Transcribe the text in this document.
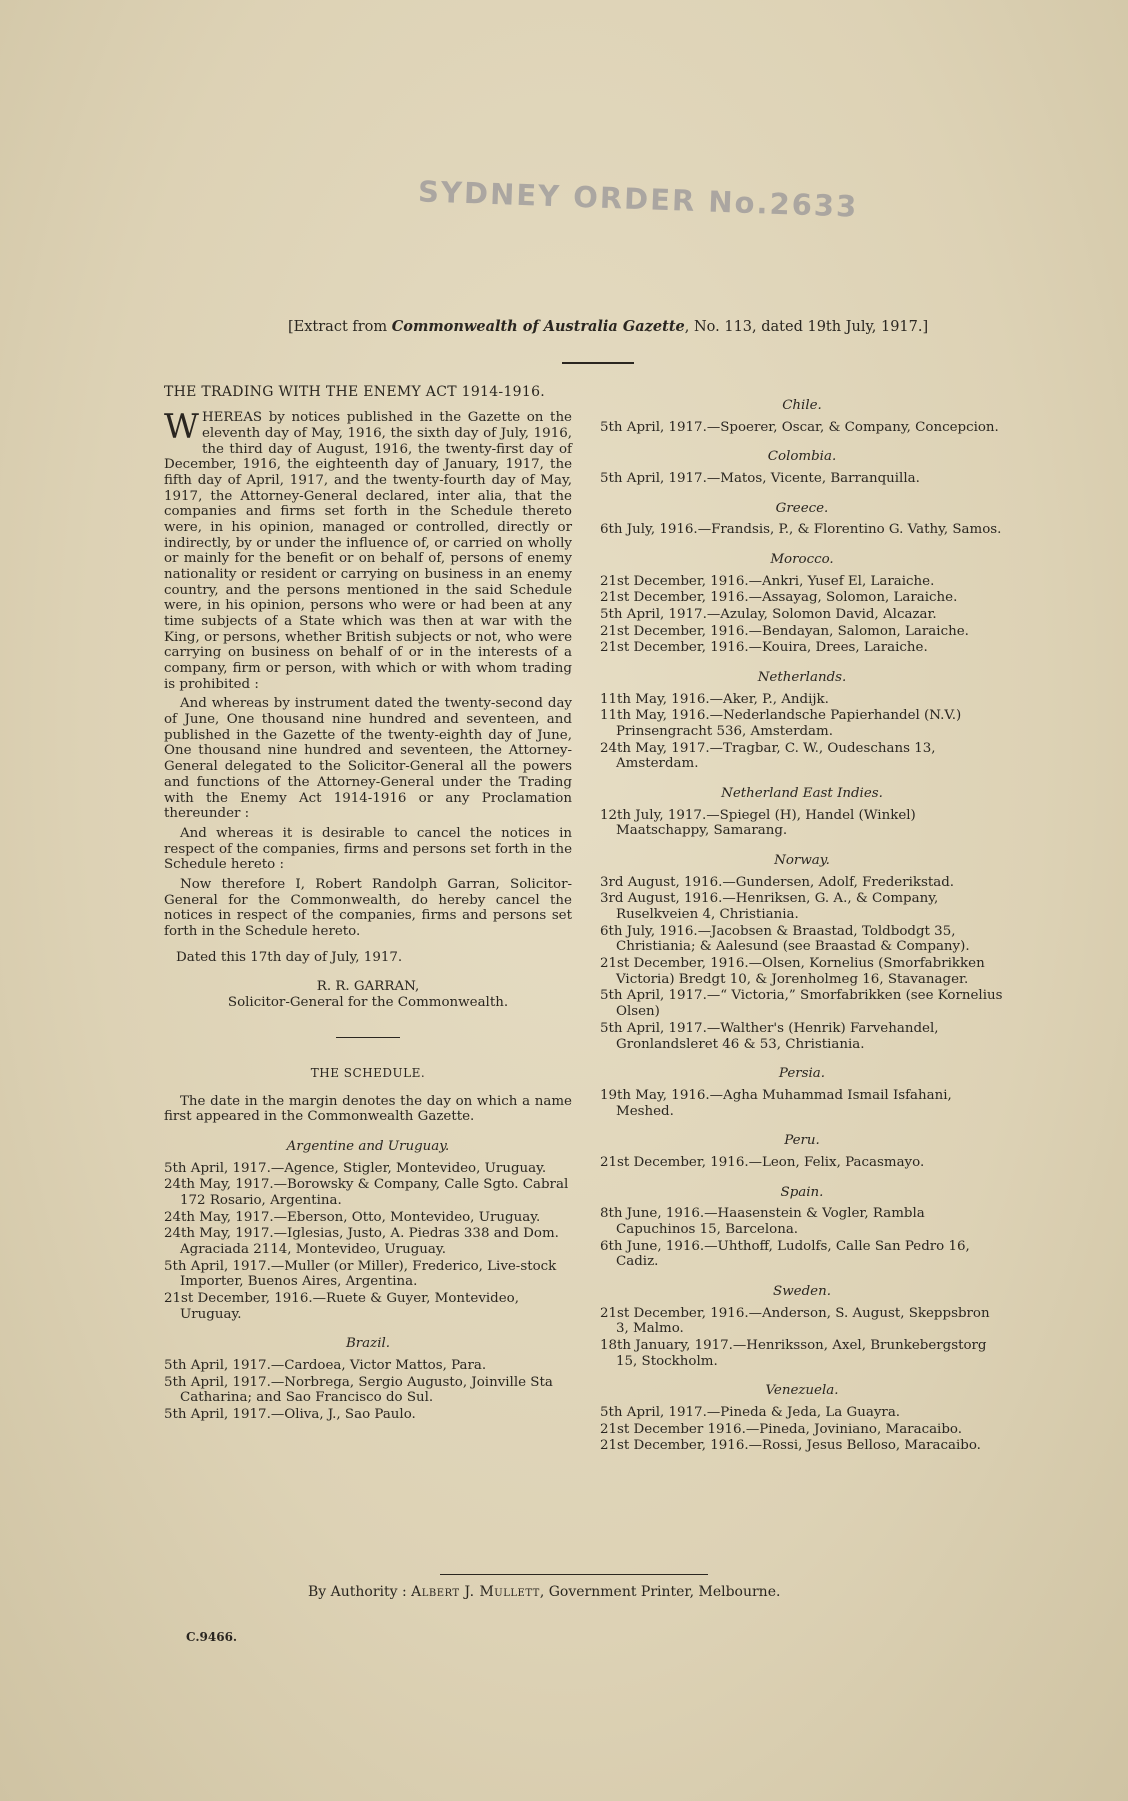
SYDNEY ORDER No.2633
[Extract from Commonwealth of Australia Gazette, No. 113, dated 19th July, 1917.]
THE TRADING WITH THE ENEMY ACT 1914-1916.

WHEREAS by notices published in the Gazette on the eleventh day of May, 1916, the sixth day of July, 1916, the third day of August, 1916, the twenty-first day of December, 1916, the eighteenth day of January, 1917, the fifth day of April, 1917, and the twenty-fourth day of May, 1917, the Attorney-General declared, inter alia, that the companies and firms set forth in the Schedule thereto were, in his opinion, managed or controlled, directly or indirectly, by or under the influence of, or carried on wholly or mainly for the benefit or on behalf of, persons of enemy nationality or resident or carrying on business in an enemy country, and the persons mentioned in the said Schedule were, in his opinion, persons who were or had been at any time subjects of a State which was then at war with the King, or persons, whether British subjects or not, who were carrying on business on behalf of or in the interests of a company, firm or person, with which or with whom trading is prohibited :

And whereas by instrument dated the twenty-second day of June, One thousand nine hundred and seventeen, and published in the Gazette of the twenty-eighth day of June, One thousand nine hundred and seventeen, the Attorney-General delegated to the Solicitor-General all the powers and functions of the Attorney-General under the Trading with the Enemy Act 1914-1916 or any Proclamation thereunder :

And whereas it is desirable to cancel the notices in respect of the companies, firms and persons set forth in the Schedule hereto :

Now therefore I, Robert Randolph Garran, Solicitor-General for the Commonwealth, do hereby cancel the notices in respect of the companies, firms and persons set forth in the Schedule hereto.

Dated this 17th day of July, 1917.
R. R. GARRAN,
Solicitor-General for the Commonwealth.
THE SCHEDULE.

The date in the margin denotes the day on which a name first appeared in the Commonwealth Gazette.

Argentine and Uruguay.

5th April, 1917.—Agence, Stigler, Montevideo, Uruguay.

24th May, 1917.—Borowsky & Company, Calle Sgto. Cabral 172 Rosario, Argentina.

24th May, 1917.—Eberson, Otto, Montevideo, Uruguay.

24th May, 1917.—Iglesias, Justo, A. Piedras 338 and Dom. Agraciada 2114, Montevideo, Uruguay.

5th April, 1917.—Muller (or Miller), Frederico, Live-stock Importer, Buenos Aires, Argentina.

21st December, 1916.—Ruete & Guyer, Montevideo, Uruguay.

Brazil.

5th April, 1917.—Cardoea, Victor Mattos, Para.

5th April, 1917.—Norbrega, Sergio Augusto, Joinville Sta Catharina; and Sao Francisco do Sul.

5th April, 1917.—Oliva, J., Sao Paulo.

Chile.

5th April, 1917.—Spoerer, Oscar, & Company, Concepcion.

Colombia.

5th April, 1917.—Matos, Vicente, Barranquilla.

Greece.

6th July, 1916.—Frandsis, P., & Florentino G. Vathy, Samos.

Morocco.

21st December, 1916.—Ankri, Yusef El, Laraiche.

21st December, 1916.—Assayag, Solomon, Laraiche.

5th April, 1917.—Azulay, Solomon David, Alcazar.

21st December, 1916.—Bendayan, Salomon, Laraiche.

21st December, 1916.—Kouira, Drees, Laraiche.

Netherlands.

11th May, 1916.—Aker, P., Andijk.

11th May, 1916.—Nederlandsche Papierhandel (N.V.) Prinsengracht 536, Amsterdam.

24th May, 1917.—Tragbar, C. W., Oudeschans 13, Amsterdam.

Netherland East Indies.

12th July, 1917.—Spiegel (H), Handel (Winkel) Maatschappy, Samarang.

Norway.

3rd August, 1916.—Gundersen, Adolf, Frederikstad.

3rd August, 1916.—Henriksen, G. A., & Company, Ruselkveien 4, Christiania.

6th July, 1916.—Jacobsen & Braastad, Toldbodgt 35, Christiania; & Aalesund (see Braastad & Company).

21st December, 1916.—Olsen, Kornelius (Smorfabrikken Victoria) Bredgt 10, & Jorenholmeg 16, Stavanager.

5th April, 1917.—“ Victoria,” Smorfabrikken (see Kornelius Olsen)

5th April, 1917.—Walther's (Henrik) Farvehandel, Gronlandsleret 46 & 53, Christiania.

Persia.

19th May, 1916.—Agha Muhammad Ismail Isfahani, Meshed.

Peru.

21st December, 1916.—Leon, Felix, Pacasmayo.

Spain.

8th June, 1916.—Haasenstein & Vogler, Rambla Capuchinos 15, Barcelona.

6th June, 1916.—Uhthoff, Ludolfs, Calle San Pedro 16, Cadiz.

Sweden.

21st December, 1916.—Anderson, S. August, Skeppsbron 3, Malmo.

18th January, 1917.—Henriksson, Axel, Brunkebergstorg 15, Stockholm.

Venezuela.

5th April, 1917.—Pineda & Jeda, La Guayra.

21st December 1916.—Pineda, Joviniano, Maracaibo.

21st December, 1916.—Rossi, Jesus Belloso, Maracaibo.

By Authority : Albert J. Mullett, Government Printer, Melbourne.
C.9466.
